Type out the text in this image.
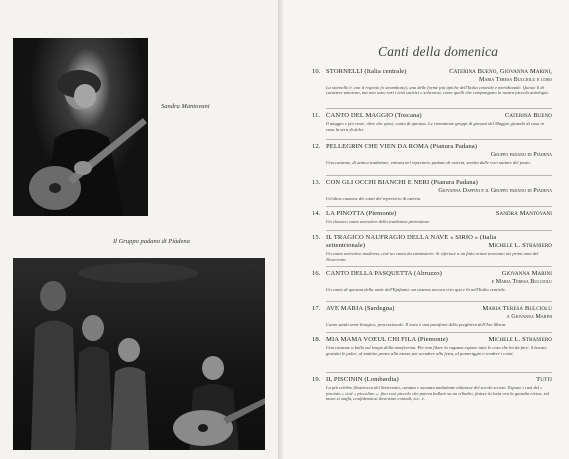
Sandra Mantovani
Il Gruppo padano di Piàdena
Canti della domenica
10. STORNELLI (Italia centrale)	Caterina Bueno, Giovanna Marini,
Maria Teresa Bulciolu e coro
La stornello è, con il rispetto (o strambotto), una delle forme più tipiche dell'Italia centrale e meridionale. Queste lì di carattere amoroso, ma non sono rari i testi satirici e scherzosi, come quelli che compongono la nostra piccola antologia.
11. CANTO DEL MAGGIO (Toscana)	Caterina Bueno
Il maggio e poi veste, oltre che sposi, canto di questua. Le comunione gruppi di giovani del Maggio girando di casa in casa la sera di dolci.
12. PELLEGRIN CHE VIEN DA ROMA (Pianura Padana)
Gruppo padano di Piàdena
Una canzone, di antica tradizione, entrata nel repertorio padano di osteria, sentita dalle voci mature del posto.
13. CON GLI OCCHI BIANCHI E NERI (Pianura Padana)
Giovanna Daffini e il Gruppo padano di Piàdena
Un'altra canzone dei canti del repertorio di osteria.
14. LA PINOTTA (Piemonte)	Sandra Mantovani
Un classico canto narrativo della tradizione piemontese.
15. IL TRAGICO NAUFRAGIO DELLA NAVE « SIRIO » (Italia
settentrionale)	Michele L. Straniero
Un canto narrativo moderno, cioè un canto da cantastorie. Si riferisce a un fatto ormai avvenuto nei primi anni del Novecento.
16. CANTO DELLA PASQUETTA (Abruzzo)	Giovanna Marini
e Maria Teresa Bulciolu
Un canto di questua della notte dell'Epifania: un sistema ancora vivo qua e là nell'Italia centrale.
17. AVE MARIA (Sardegna)	Maria Teresa Bulciolu
e Giovanna Marini
Canto sardo semi-liturgico, processionale. Il testo è una parafrasi della preghiera dell'Ave Maria.
18. MIA MAMA VOEUL CHI FILA (Piemonte)	Michele L. Straniero
Una canzone a ballo sul tempo della monferrina. Per non filare la ragazza espone tutte le cose che ha da fare: il bucato gratuito le pulce, al mattino presto alla messa poi scendere alla festa, al pomeriggio a rendere i conti.
19. IL PISCININ (Lombardia)	Tutti
La più celebre filastrocca del Settecento, cantata e suonata ambulante milanese del secolo scorso. Espone i casi del « piscinin » cioè « piccolino »: fino così piccolo che poteva ballare su un cilindro, finisce la lotta con la guardia civica, sul muro si staffa, confidenziosi dovevano comodi, ecc. e.
